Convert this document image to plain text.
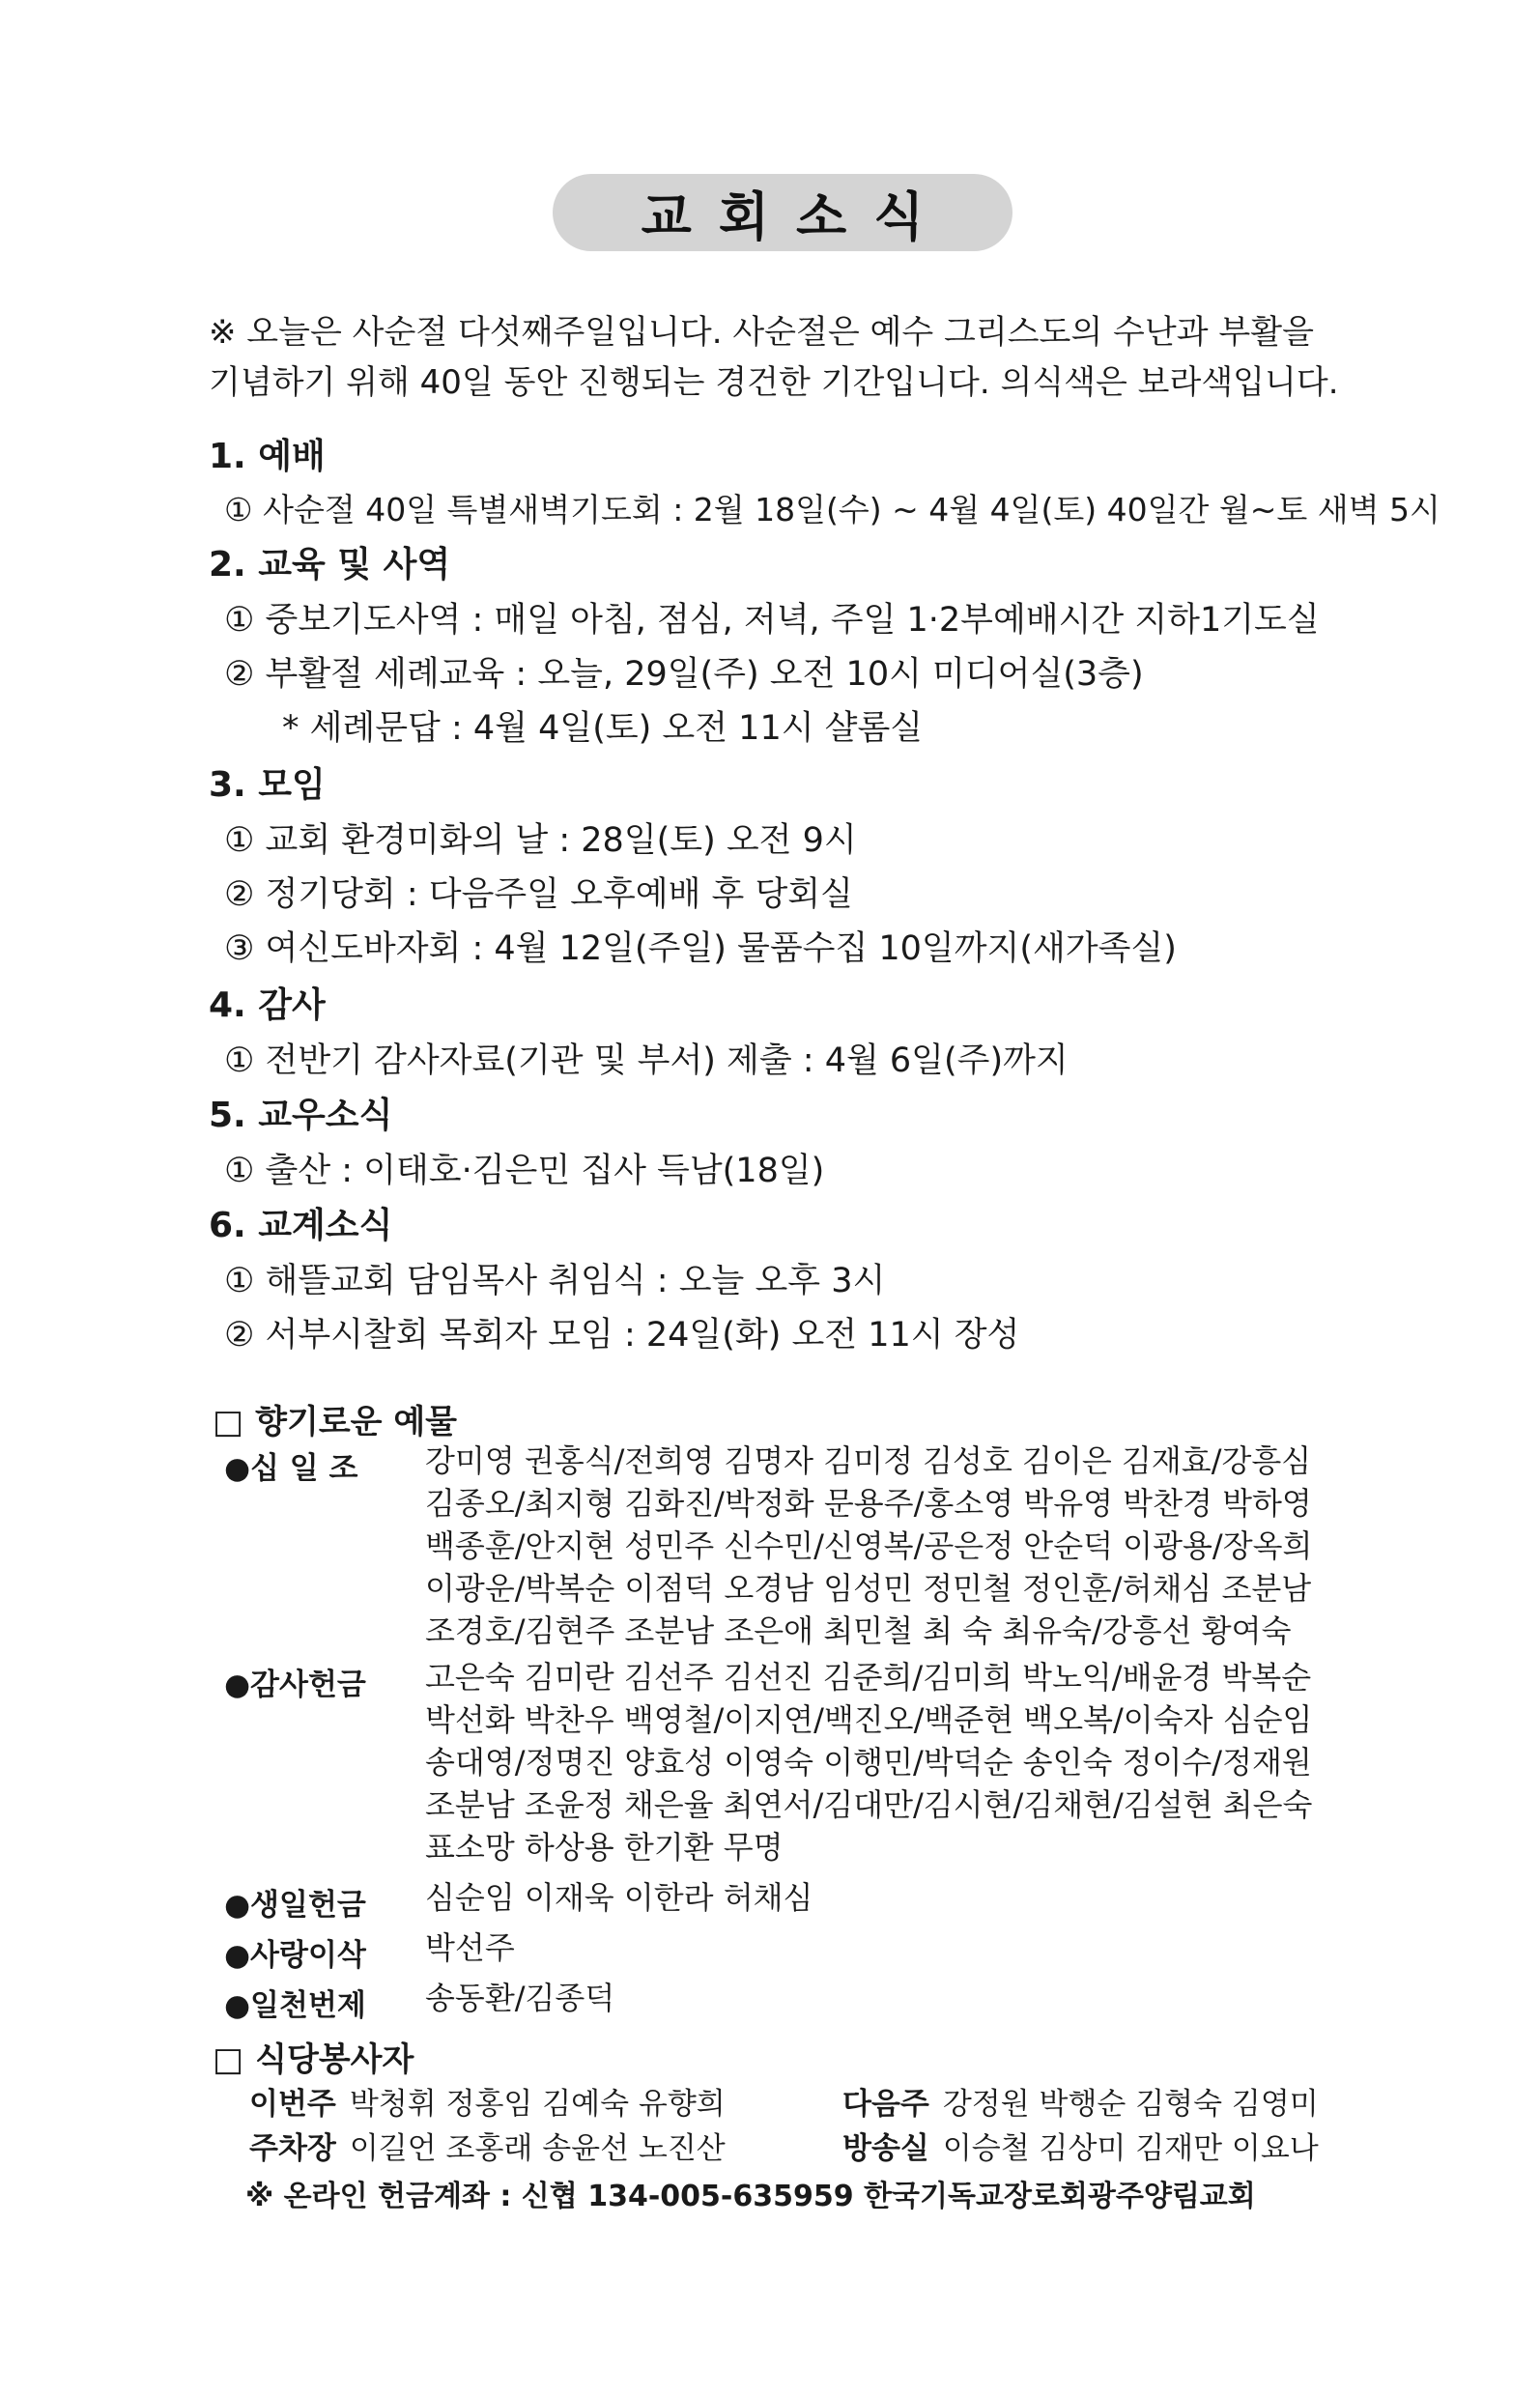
교회소식
※ 오늘은 사순절 다섯째주일입니다. 사순절은 예수 그리스도의 수난과 부활을
기념하기 위해 40일 동안 진행되는 경건한 기간입니다. 의식색은 보라색입니다.
1. 예배
① 사순절 40일 특별새벽기도회 : 2월 18일(수) ~ 4월 4일(토) 40일간 월~토 새벽 5시
2. 교육 및 사역
① 중보기도사역 : 매일 아침, 점심, 저녁, 주일 1·2부예배시간 지하1기도실
② 부활절 세례교육 : 오늘, 29일(주) 오전 10시 미디어실(3층)
* 세례문답 : 4월 4일(토) 오전 11시 샬롬실
3. 모임
① 교회 환경미화의 날 : 28일(토) 오전 9시
② 정기당회 : 다음주일 오후예배 후 당회실
③ 여신도바자회 : 4월 12일(주일) 물품수집 10일까지(새가족실)
4. 감사
① 전반기 감사자료(기관 및 부서) 제출 : 4월 6일(주)까지
5. 교우소식
① 출산 : 이태호·김은민 집사 득남(18일)
6. 교계소식
① 해뜰교회 담임목사 취임식 : 오늘 오후 3시
② 서부시찰회 목회자 모임 : 24일(화) 오전 11시 장성
□ 향기로운 예물
●십 일 조 강미영 권홍식/전희영 김명자 김미정 김성호 김이은 김재효/강흥심
김종오/최지형 김화진/박정화 문용주/홍소영 박유영 박찬경 박하영
백종훈/안지현 성민주 신수민/신영복/공은정 안순덕 이광용/장옥희
이광운/박복순 이점덕 오경남 임성민 정민철 정인훈/허채심 조분남
조경호/김현주 조분남 조은애 최민철 최 숙 최유숙/강흥선 황여숙
●감사헌금 고은숙 김미란 김선주 김선진 김준희/김미희 박노익/배윤경 박복순
박선화 박찬우 백영철/이지연/백진오/백준현 백오복/이숙자 심순임
송대영/정명진 양효성 이영숙 이행민/박덕순 송인숙 정이수/정재원
조분남 조윤정 채은율 최연서/김대만/김시현/김채현/김설현 최은숙
표소망 하상용 한기환 무명
●생일헌금 심순임 이재욱 이한라 허채심
●사랑이삭 박선주
●일천번제 송동환/김종덕
□ 식당봉사자
이번주 박청휘 정홍임 김예숙 유향희	다음주 강정원 박행순 김형숙 김영미
주차장 이길언 조홍래 송윤선 노진산	방송실 이승철 김상미 김재만 이요나
※ 온라인 헌금계좌 : 신협 134-005-635959 한국기독교장로회광주양림교회
